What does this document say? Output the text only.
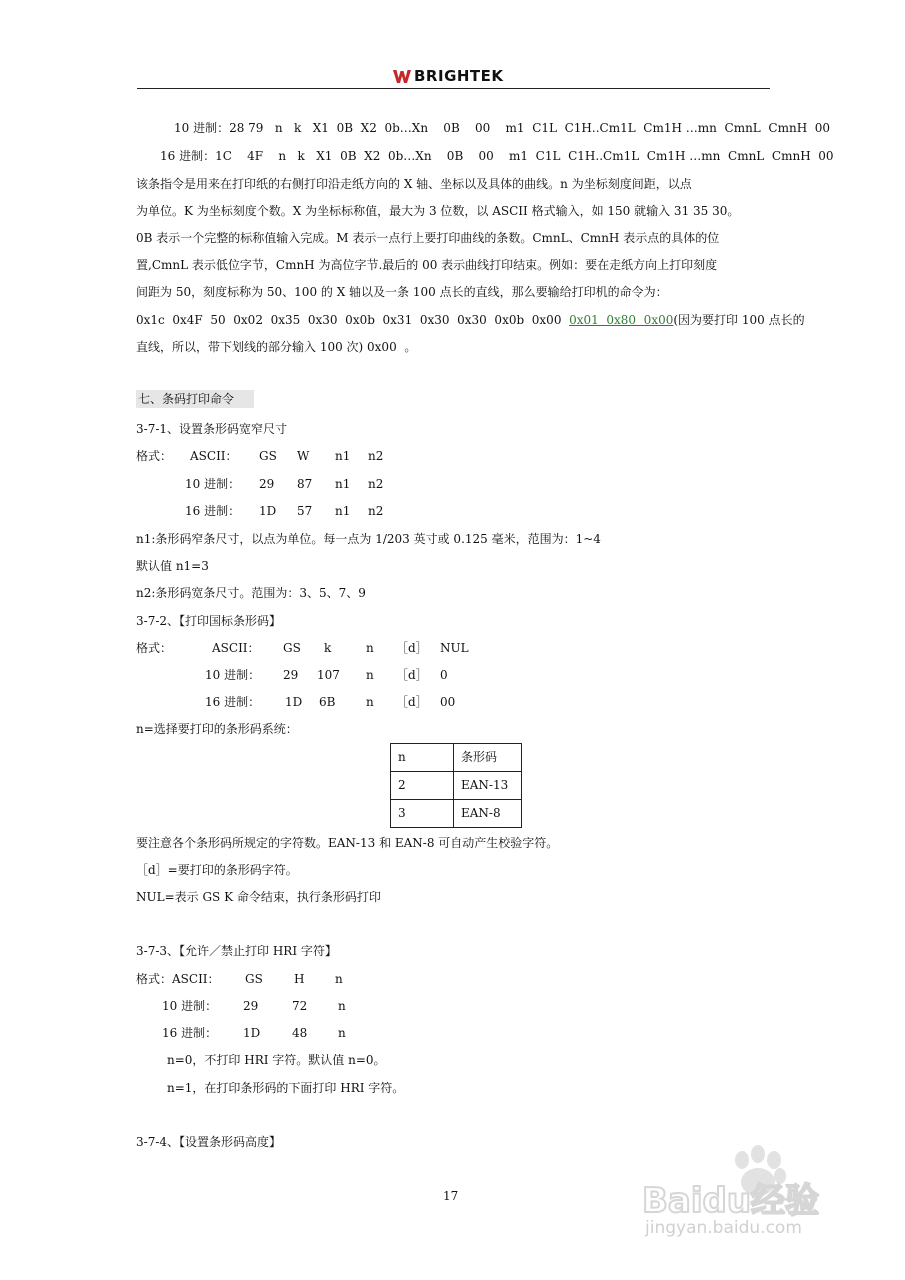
BRIGHTEK
10 进制：28 79   n   k   X1  0B  X2  0b…Xn    0B    00    m1  C1L  C1H..Cm1L  Cm1H …mn  CmnL  CmnH  00
16 进制：1C    4F    n   k   X1  0B  X2  0b…Xn    0B    00    m1  C1L  C1H..Cm1L  Cm1H …mn  CmnL  CmnH  00
该条指令是用来在打印纸的右侧打印沿走纸方向的 X 轴、坐标以及具体的曲线。n 为坐标刻度间距，以点
为单位。K 为坐标刻度个数。X 为坐标标称值，最大为 3 位数，以 ASCII 格式输入，如 150 就输入 31 35 30。
0B 表示一个完整的标称值输入完成。M 表示一点行上要打印曲线的条数。CmnL、CmnH 表示点的具体的位
置,CmnL 表示低位字节，CmnH 为高位字节.最后的 00 表示曲线打印结束。例如：要在走纸方向上打印刻度
间距为 50，刻度标称为 50、100 的 X 轴以及一条 100 点长的直线，那么要输给打印机的命令为：
0x1c  0x4F  50  0x02  0x35  0x30  0x0b  0x31  0x30  0x30  0x0b  0x00  0x01  0x80  0x00(因为要打印 100 点长的
直线，所以，带下划线的部分输入 100 次) 0x00  。
七、条码打印命令
3-7-1、设置条形码宽窄尺寸
格式： ASCII： GS W n1 n2
10 进制： 29 87 n1 n2
16 进制： 1D 57 n1 n2
n1:条形码窄条尺寸，以点为单位。每一点为 1/203 英寸或 0.125 毫米，范围为：1~4
默认值 n1=3
n2:条形码宽条尺寸。范围为：3、5、7、9
3-7-2、【打印国标条形码】
格式：	ASCII： GS k	n ［d］ NUL
10 进制： 29 107 n ［d］ 0
16 进制： 1D 6B	n ［d］ 00
n=选择要打印的条形码系统：
n	条形码
2	EAN-13
3	EAN-8
要注意各个条形码所规定的字符数。EAN-13 和 EAN-8 可自动产生校验字符。
［d］=要打印的条形码字符。
NUL=表示 GS K 命令结束，执行条形码打印
3-7-3、【允许／禁止打印 HRI 字符】
格式：ASCII： GS	H	n
10 进制： 29	72	n
16 进制： 1D	48	n
n=0，不打印 HRI 字符。默认值 n=0。
n=1，在打印条形码的下面打印 HRI 字符。
3-7-4、【设置条形码高度】
17	Baidu经验
jingyan.baidu.com
